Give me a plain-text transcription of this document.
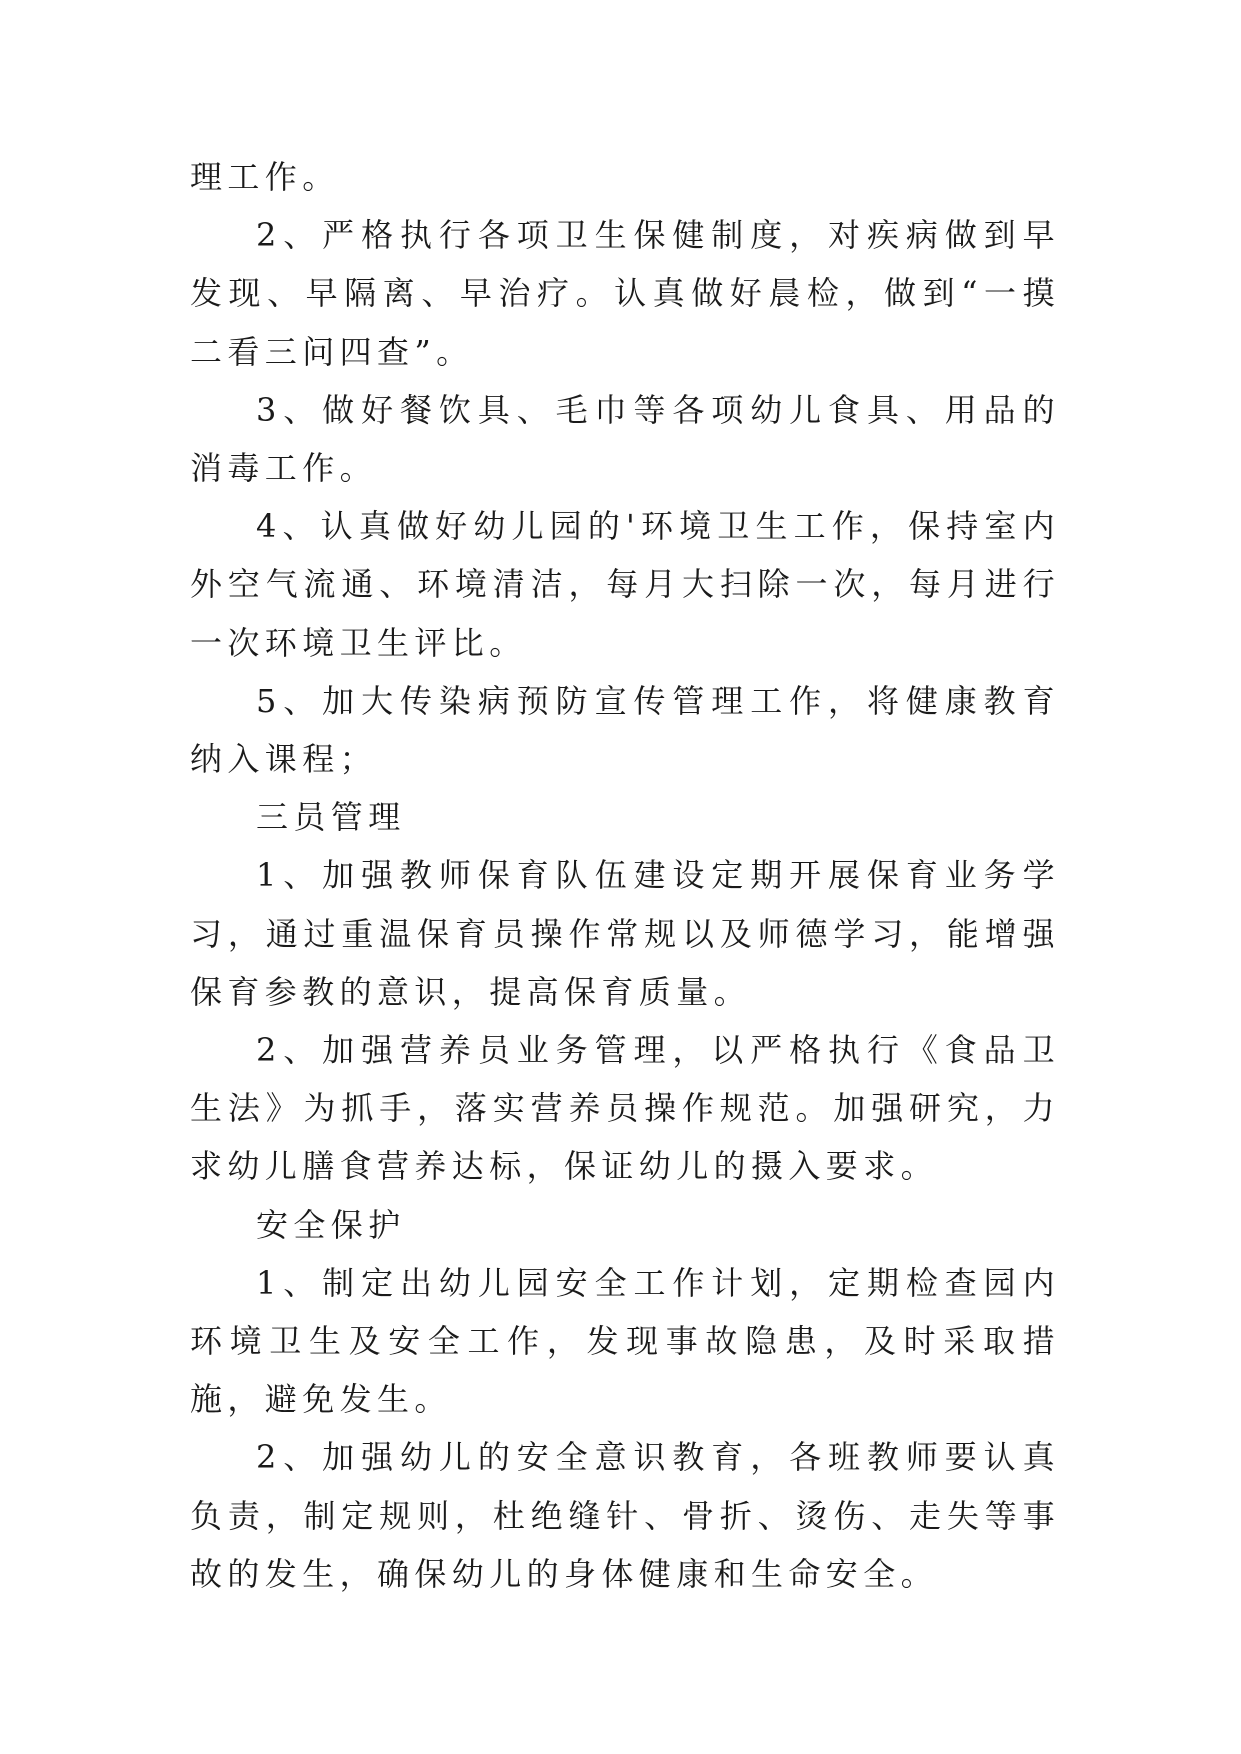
理工作。

2、严格执行各项卫生保健制度，对疾病做到早发现、早隔离、早治疗。认真做好晨检，做到“一摸二看三问四查”。

3、做好餐饮具、毛巾等各项幼儿食具、用品的消毒工作。

4、认真做好幼儿园的'环境卫生工作，保持室内外空气流通、环境清洁，每月大扫除一次，每月进行一次环境卫生评比。

5、加大传染病预防宣传管理工作，将健康教育纳入课程；

三员管理

1、加强教师保育队伍建设定期开展保育业务学习，通过重温保育员操作常规以及师德学习，能增强保育参教的意识，提高保育质量。

2、加强营养员业务管理，以严格执行《食品卫生法》为抓手，落实营养员操作规范。加强研究，力求幼儿膳食营养达标，保证幼儿的摄入要求。

安全保护

1、制定出幼儿园安全工作计划，定期检查园内环境卫生及安全工作，发现事故隐患，及时采取措施，避免发生。

2、加强幼儿的安全意识教育，各班教师要认真负责，制定规则，杜绝缝针、骨折、烫伤、走失等事故的发生，确保幼儿的身体健康和生命安全。
